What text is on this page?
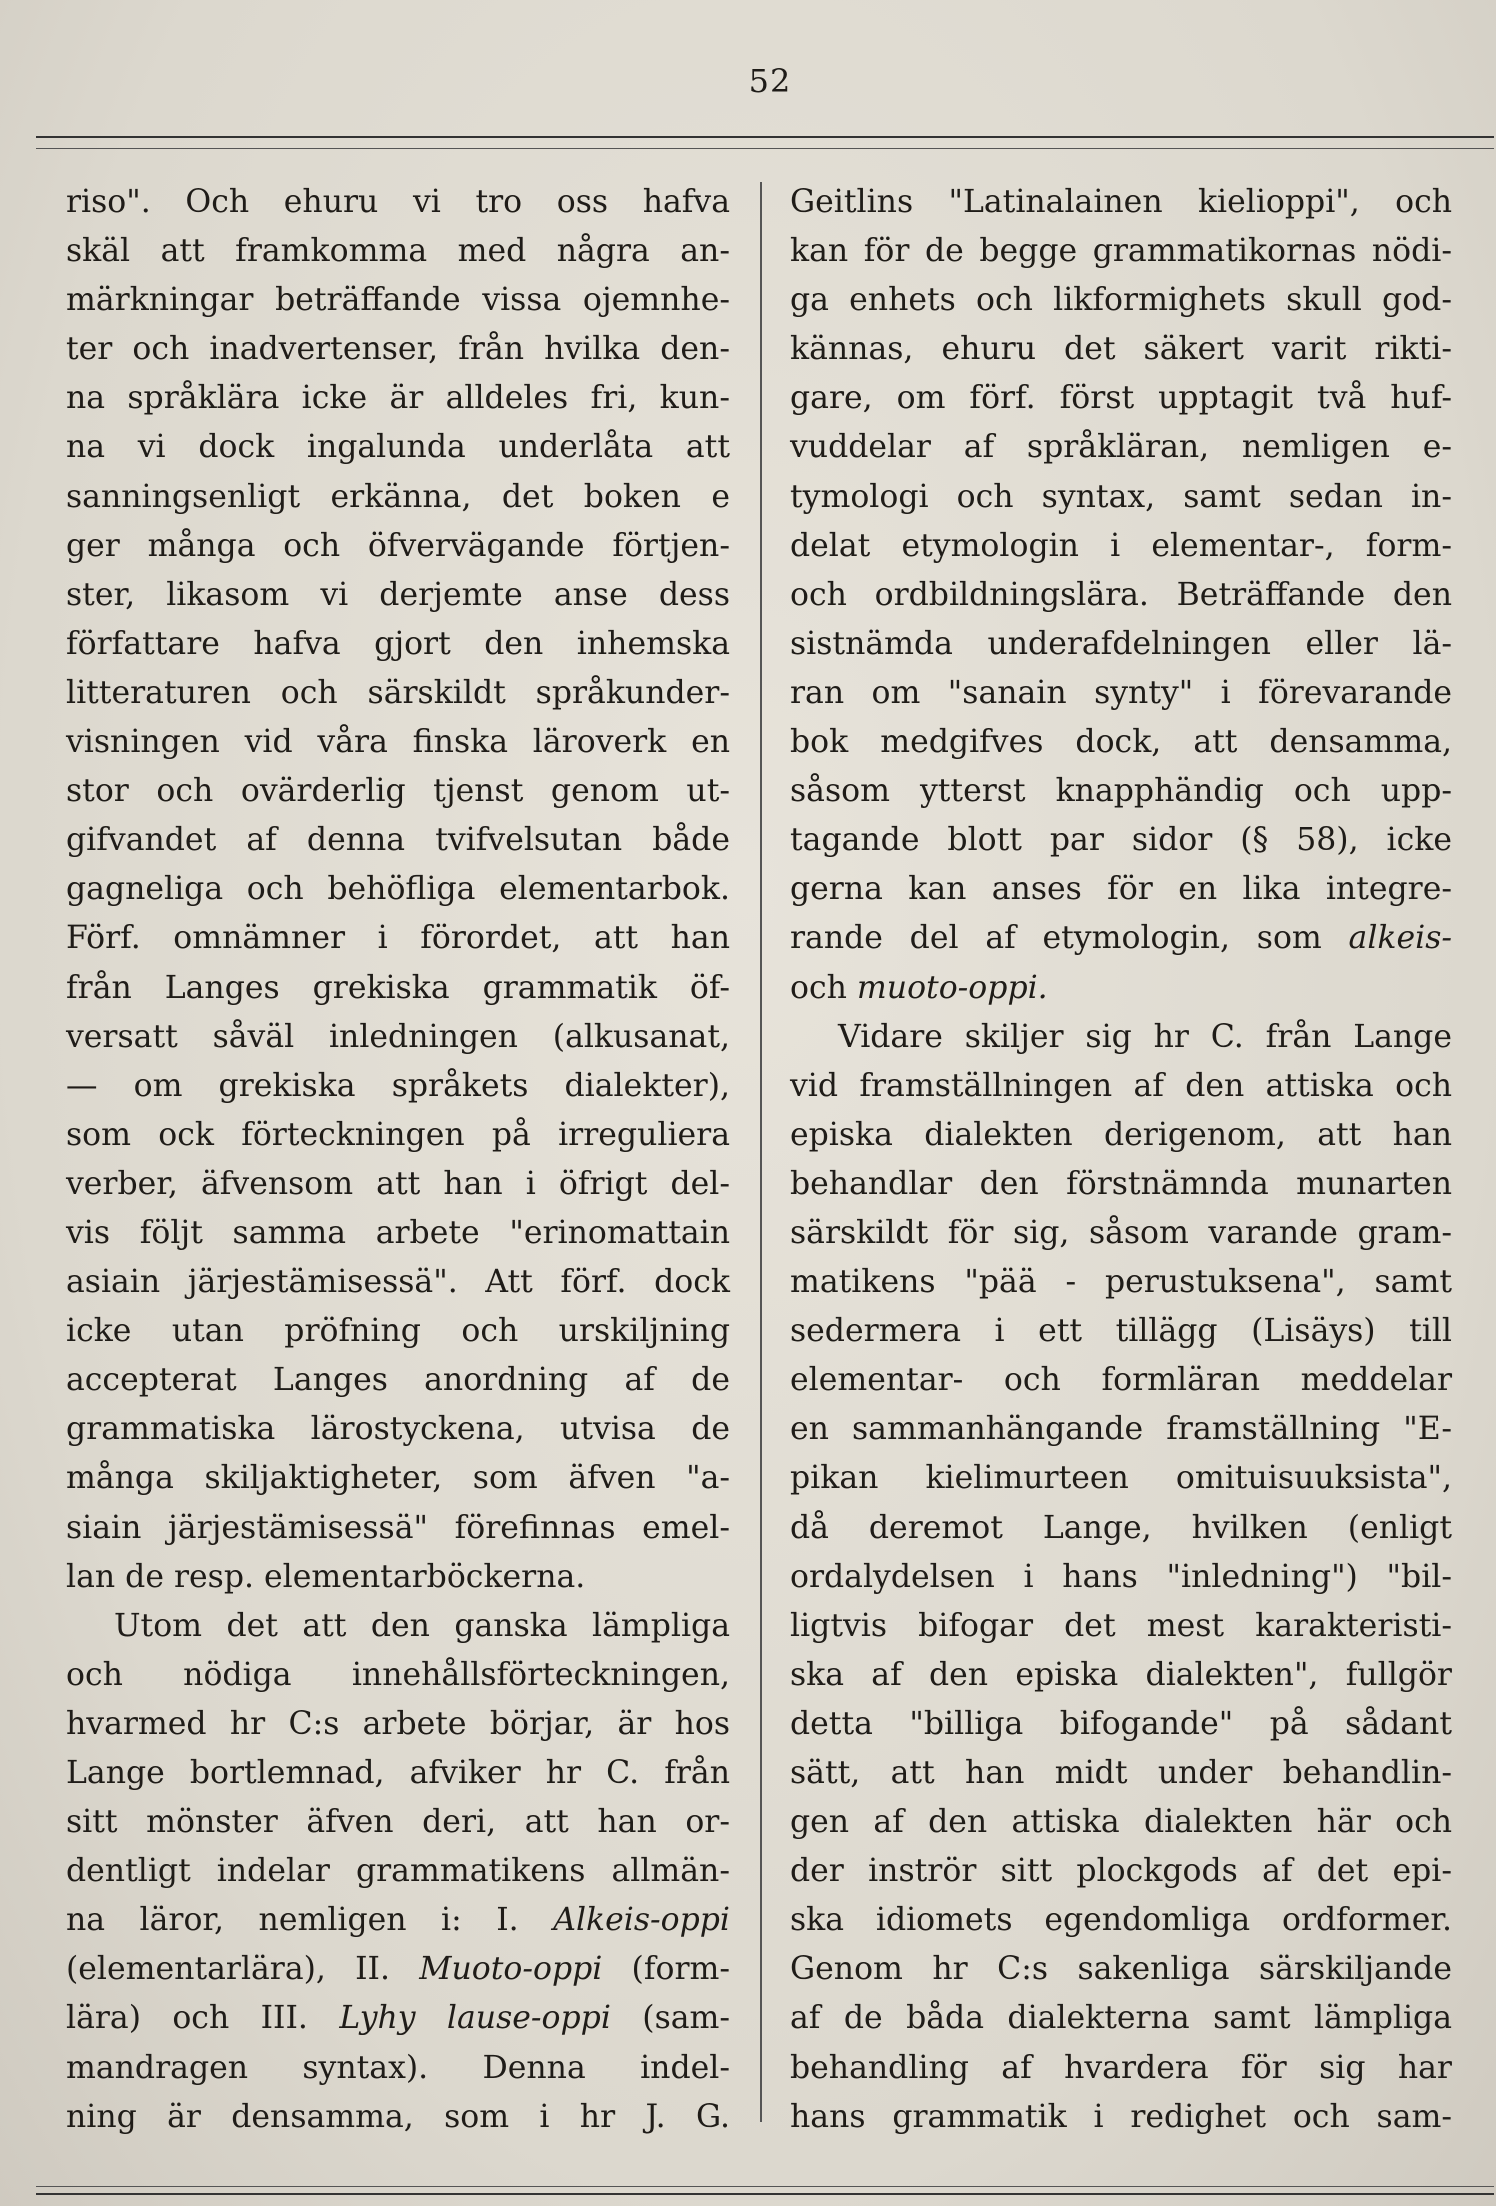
52
riso". Och ehuru vi tro oss hafva
skäl att framkomma med några an-
märkningar beträffande vissa ojemnhe-
ter och inadvertenser, från hvilka den-
na språklära icke är alldeles fri, kun-
na vi dock ingalunda underlåta att
sanningsenligt erkänna, det boken e
ger många och öfvervägande förtjen-
ster, likasom vi derjemte anse dess
författare hafva gjort den inhemska
litteraturen och särskildt språkunder-
visningen vid våra finska läroverk en
stor och ovärderlig tjenst genom ut-
gifvandet af denna tvifvelsutan både
gagneliga och behöfliga elementarbok.
Förf. omnämner i förordet, att han
från Langes grekiska grammatik öf-
versatt såväl inledningen (alkusanat,
— om grekiska språkets dialekter),
som ock förteckningen på irreguliera
verber, äfvensom att han i öfrigt del-
vis följt samma arbete "erinomattain
asiain järjestämisessä". Att förf. dock
icke utan pröfning och urskiljning
accepterat Langes anordning af de
grammatiska lärostyckena, utvisa de
många skiljaktigheter, som äfven "a-
siain järjestämisessä" förefinnas emel-
lan de resp. elementarböckerna.
Utom det att den ganska lämpliga
och nödiga innehållsförteckningen,
hvarmed hr C:s arbete börjar, är hos
Lange bortlemnad, afviker hr C. från
sitt mönster äfven deri, att han or-
dentligt indelar grammatikens allmän-
na läror, nemligen i: I. Alkeis-oppi
(elementarlära), II. Muoto-oppi (form-
lära) och III. Lyhy lause-oppi (sam-
mandragen syntax). Denna indel-
ning är densamma, som i hr J. G.
Geitlins "Latinalainen kielioppi", och
kan för de begge grammatikornas nödi-
ga enhets och likformighets skull god-
kännas, ehuru det säkert varit rikti-
gare, om förf. först upptagit två huf-
vuddelar af språkläran, nemligen e-
tymologi och syntax, samt sedan in-
delat etymologin i elementar-, form-
och ordbildningslära. Beträffande den
sistnämda underafdelningen eller lä-
ran om "sanain synty" i förevarande
bok medgifves dock, att densamma,
såsom ytterst knapphändig och upp-
tagande blott par sidor (§ 58), icke
gerna kan anses för en lika integre-
rande del af etymologin, som alkeis-
och muoto-oppi.
Vidare skiljer sig hr C. från Lange
vid framställningen af den attiska och
episka dialekten derigenom, att han
behandlar den förstnämnda munarten
särskildt för sig, såsom varande gram-
matikens "pää - perustuksena", samt
sedermera i ett tillägg (Lisäys) till
elementar- och formläran meddelar
en sammanhängande framställning "E-
pikan kielimurteen omituisuuksista",
då deremot Lange, hvilken (enligt
ordalydelsen i hans "inledning") "bil-
ligtvis bifogar det mest karakteristi-
ska af den episka dialekten", fullgör
detta "billiga bifogande" på sådant
sätt, att han midt under behandlin-
gen af den attiska dialekten här och
der inströr sitt plockgods af det epi-
ska idiomets egendomliga ordformer.
Genom hr C:s sakenliga särskiljande
af de båda dialekterna samt lämpliga
behandling af hvardera för sig har
hans grammatik i redighet och sam-
